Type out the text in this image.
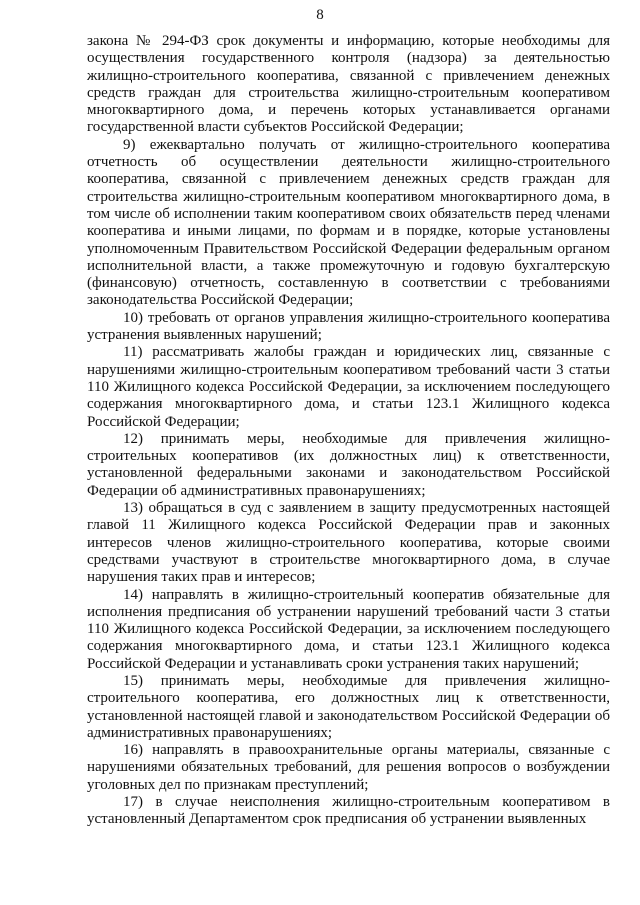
8

закона № 294-ФЗ срок документы и информацию, которые необходимы для осуществления государственного контроля (надзора) за деятельностью жилищно-строительного кооператива, связанной с привлечением денежных средств граждан для строительства жилищно-строительным кооперативом многоквартирного дома, и перечень которых устанавливается органами государственной власти субъектов Российской Федерации;

9) ежеквартально получать от жилищно-строительного кооператива отчетность об осуществлении деятельности жилищно-строительного кооператива, связанной с привлечением денежных средств граждан для строительства жилищно-строительным кооперативом многоквартирного дома, в том числе об исполнении таким кооперативом своих обязательств перед членами кооператива и иными лицами, по формам и в порядке, которые установлены уполномоченным Правительством Российской Федерации федеральным органом исполнительной власти, а также промежуточную и годовую бухгалтерскую (финансовую) отчетность, составленную в соответствии с требованиями законодательства Российской Федерации;

10) требовать от органов управления жилищно-строительного кооператива устранения выявленных нарушений;

11) рассматривать жалобы граждан и юридических лиц, связанные с нарушениями жилищно-строительным кооперативом требований части 3 статьи 110 Жилищного кодекса Российской Федерации, за исключением последующего содержания многоквартирного дома, и статьи 123.1 Жилищного кодекса Российской Федерации;

12) принимать меры, необходимые для привлечения жилищно-строительных кооперативов (их должностных лиц) к ответственности, установленной федеральными законами и законодательством Российской Федерации об административных правонарушениях;

13) обращаться в суд с заявлением в защиту предусмотренных настоящей главой 11 Жилищного кодекса Российской Федерации прав и законных интересов членов жилищно-строительного кооператива, которые своими средствами участвуют в строительстве многоквартирного дома, в случае нарушения таких прав и интересов;

14) направлять в жилищно-строительный кооператив обязательные для исполнения предписания об устранении нарушений требований части 3 статьи 110 Жилищного кодекса Российской Федерации, за исключением последующего содержания многоквартирного дома, и статьи 123.1 Жилищного кодекса Российской Федерации и устанавливать сроки устранения таких нарушений;

15) принимать меры, необходимые для привлечения жилищно-строительного кооператива, его должностных лиц к ответственности, установленной настоящей главой и законодательством Российской Федерации об административных правонарушениях;

16) направлять в правоохранительные органы материалы, связанные с нарушениями обязательных требований, для решения вопросов о возбуждении уголовных дел по признакам преступлений;

17) в случае неисполнения жилищно-строительным кооперативом в установленный Департаментом срок предписания об устранении выявленных
